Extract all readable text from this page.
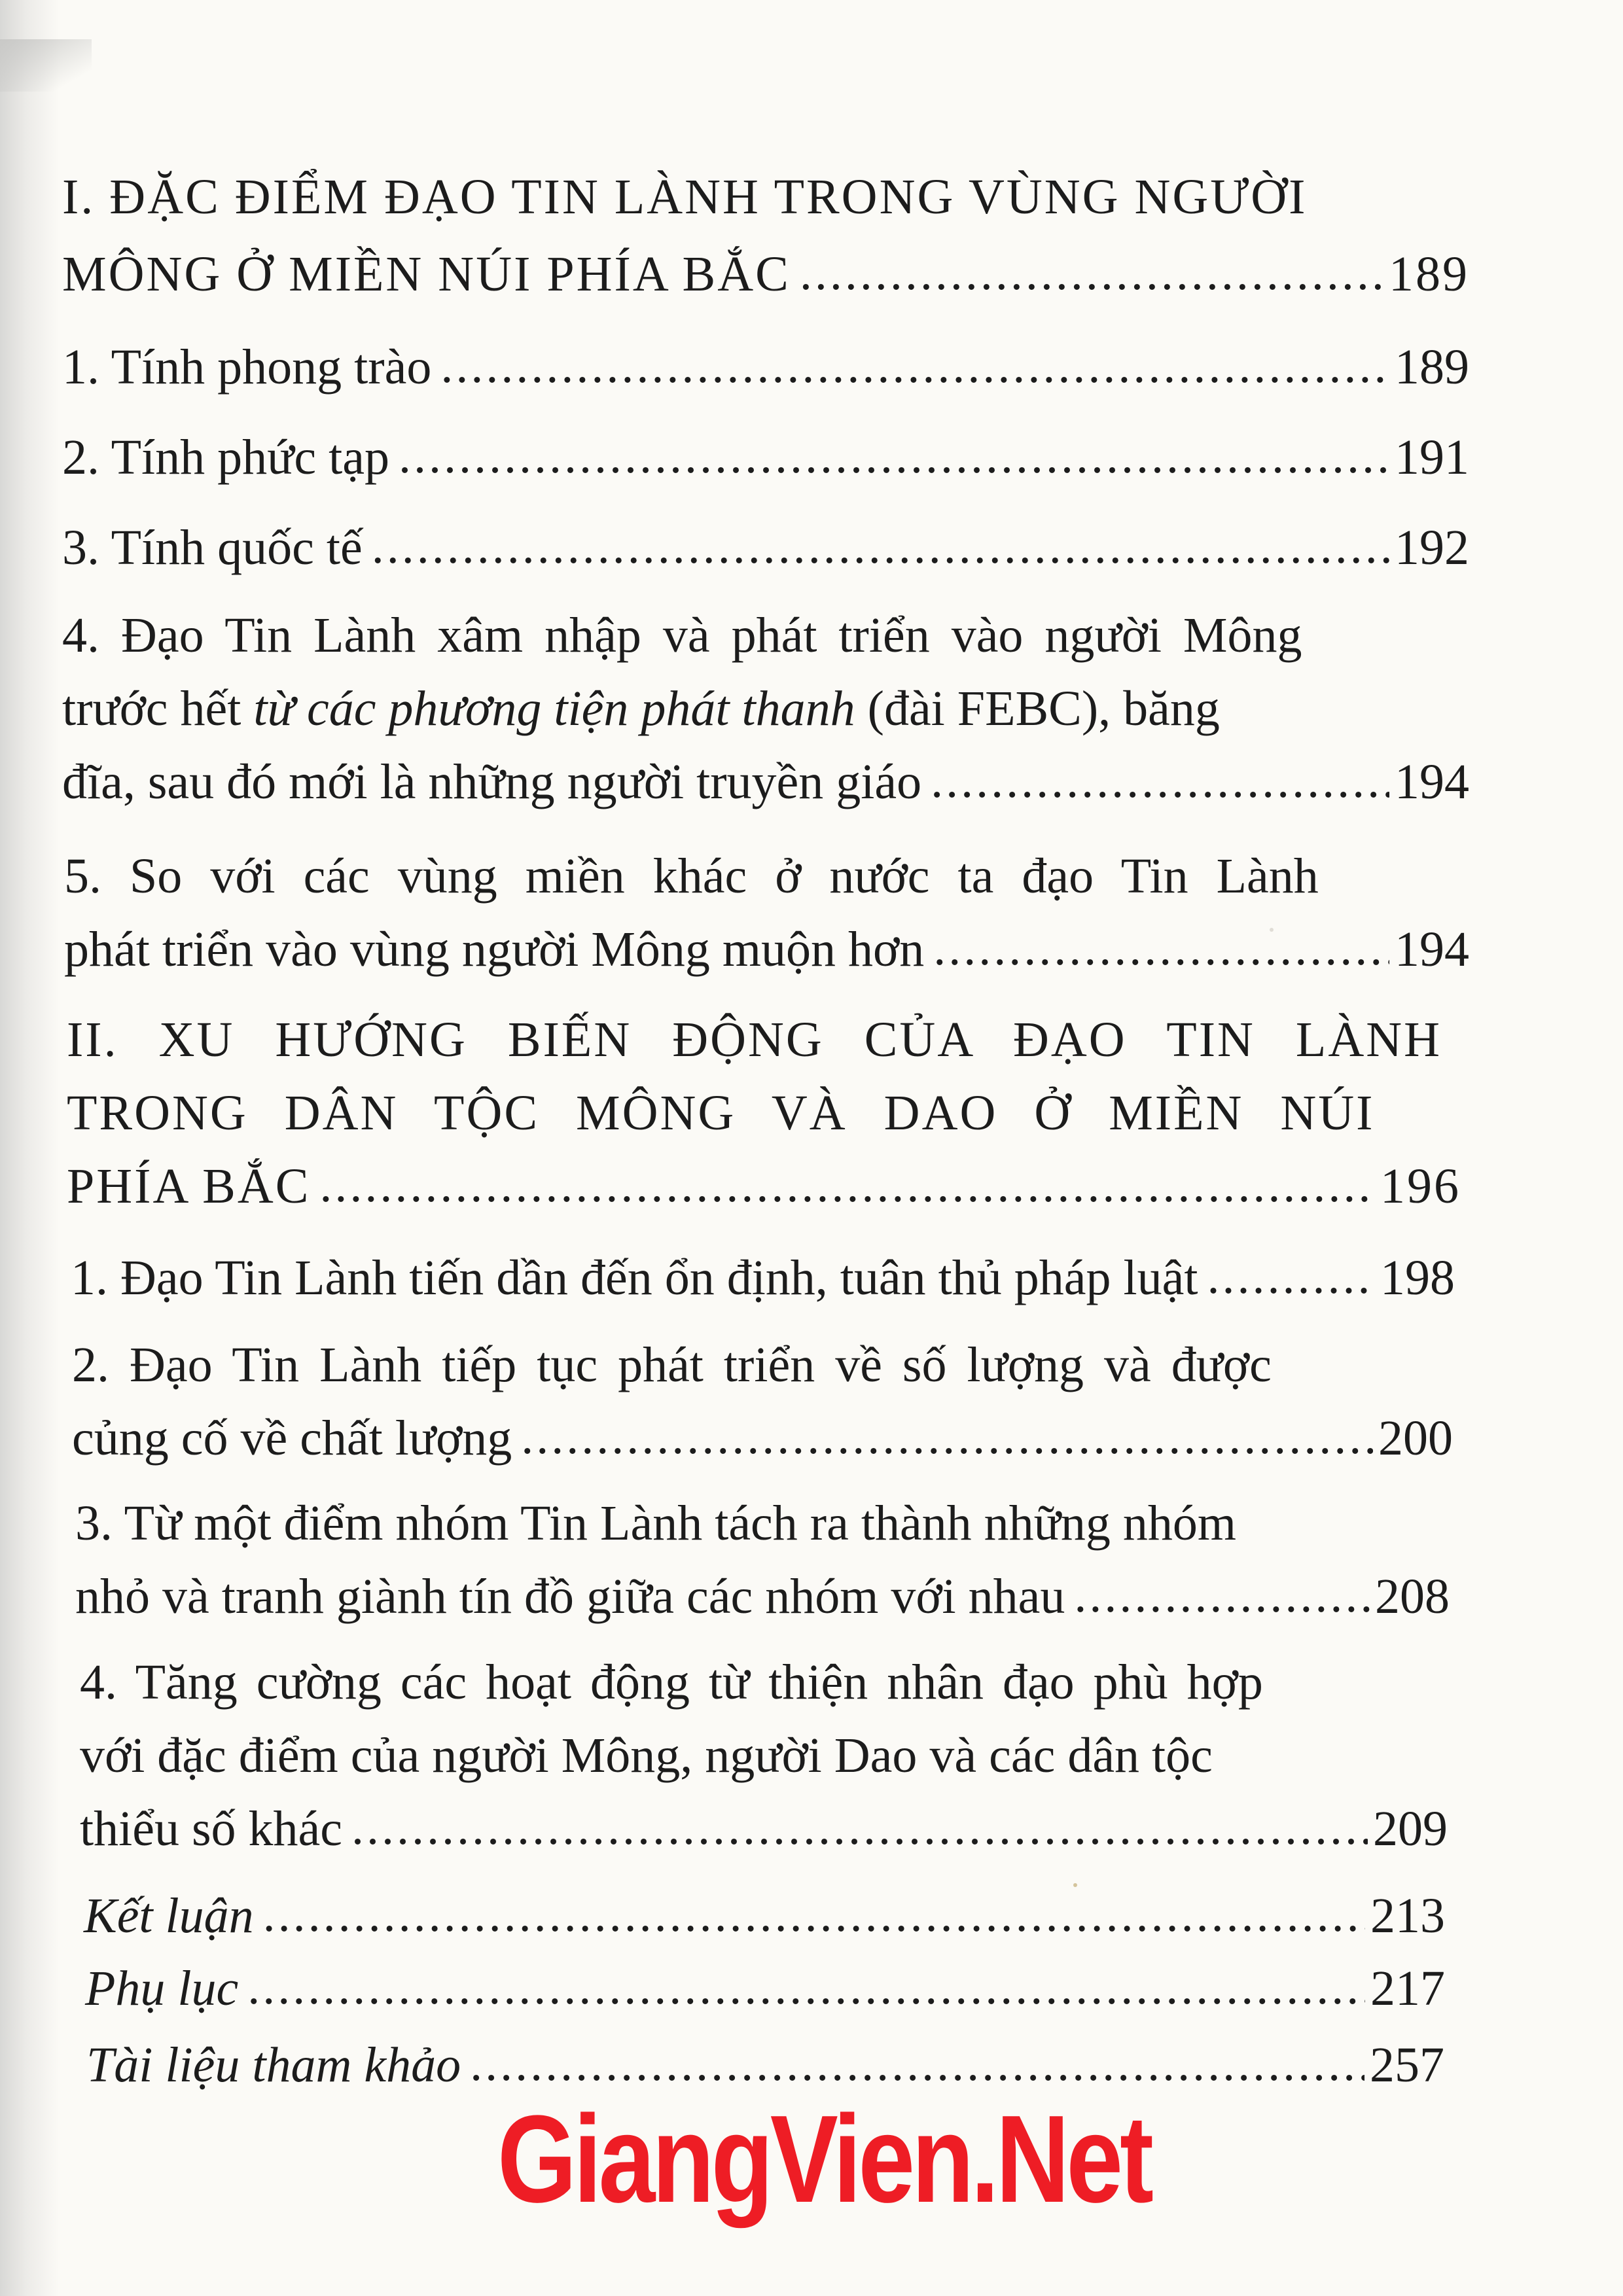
I. ĐẶC ĐIỂM ĐẠO TIN LÀNH TRONG VÙNG NGƯỜI
MÔNG Ở MIỀN NÚI PHÍA BẮC .....	189
1. Tính phong trào .....	189
2. Tính phức tạp .....	191
3. Tính quốc tế .....	192
4. Đạo Tin Lành xâm nhập và phát triển vào người Mông
trước hết từ các phương tiện phát thanh (đài FEBC), băng
đĩa, sau đó mới là những người truyền giáo .....	194
5. So với các vùng miền khác ở nước ta đạo Tin Lành
phát triển vào vùng người Mông muộn hơn .....	194
II. XU HƯỚNG BIẾN ĐỘNG CỦA ĐẠO TIN LÀNH
TRONG DÂN TỘC MÔNG VÀ DAO Ở MIỀN NÚI
PHÍA BẮC .....	196
1. Đạo Tin Lành tiến dần đến ổn định, tuân thủ pháp luật .....	198
2. Đạo Tin Lành tiếp tục phát triển về số lượng và được
củng cố về chất lượng .....	200
3. Từ một điểm nhóm Tin Lành tách ra thành những nhóm
nhỏ và tranh giành tín đồ giữa các nhóm với nhau .....	208
4. Tăng cường các hoạt động từ thiện nhân đạo phù hợp
với đặc điểm của người Mông, người Dao và các dân tộc
thiểu số khác .....	209
Kết luận .....	213
Phụ lục .....	217
Tài liệu tham khảo .....	257
GiangVien.Net
